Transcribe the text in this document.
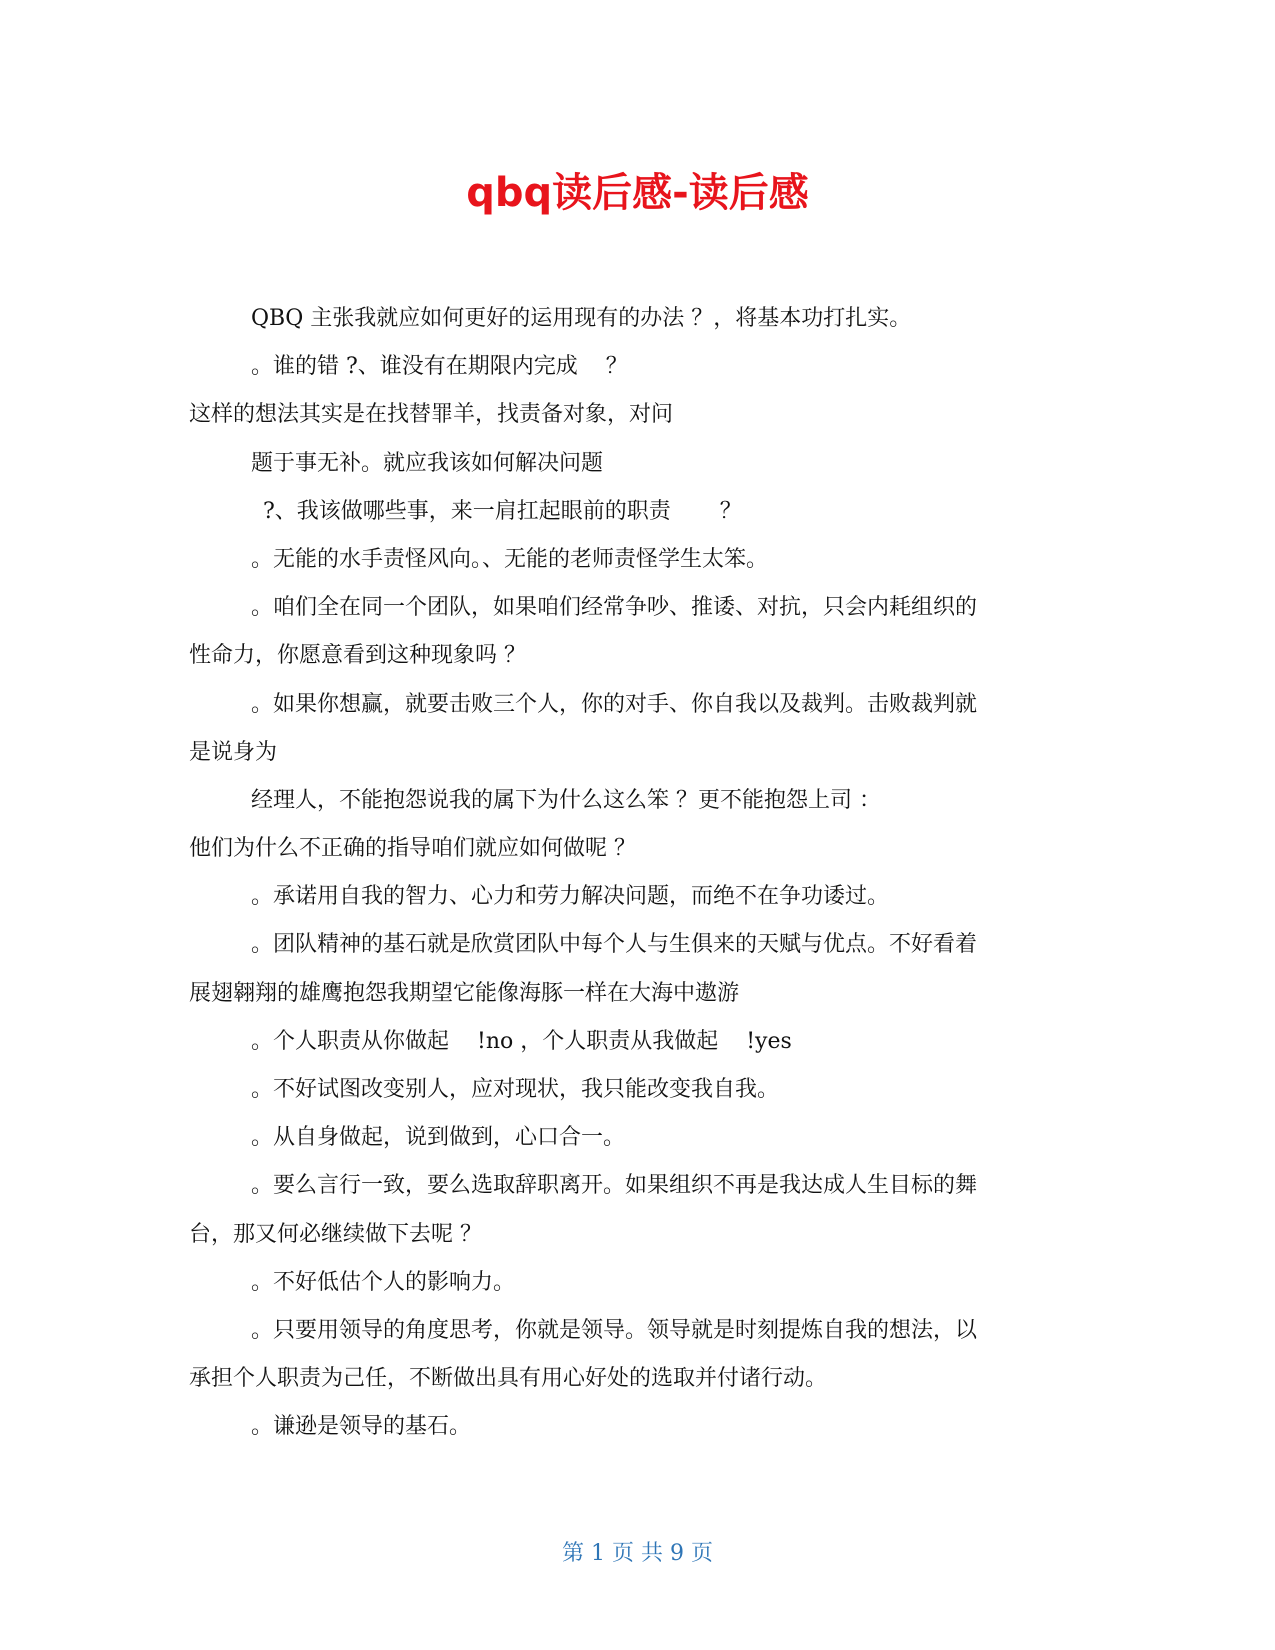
qbq读后感-读后感
QBQ 主张我就应如何更好的运用现有的办法 ？，将基本功打扎实。
。谁的错 ?、谁没有在期限内完成    ？
这样的想法其实是在找替罪羊，找责备对象，对问
题于事无补。就应我该如何解决问题
?、我该做哪些事，来一肩扛起眼前的职责       ？
。无能的水手责怪风向。、无能的老师责怪学生太笨。
。咱们全在同一个团队，如果咱们经常争吵、推诿、对抗，只会内耗组织的
性命力，你愿意看到这种现象吗 ？
。如果你想赢，就要击败三个人，你的对手、你自我以及裁判。击败裁判就
是说身为
经理人，不能抱怨说我的属下为什么这么笨 ？更不能抱怨上司 ：
他们为什么不正确的指导咱们就应如何做呢 ？
。承诺用自我的智力、心力和劳力解决问题，而绝不在争功诿过。
。团队精神的基石就是欣赏团队中每个人与生俱来的天赋与优点。不好看着
展翅翱翔的雄鹰抱怨我期望它能像海豚一样在大海中遨游
。个人职责从你做起    !no ，个人职责从我做起    !yes
。不好试图改变别人，应对现状，我只能改变我自我。
。从自身做起，说到做到，心口合一。
。要么言行一致，要么选取辞职离开。如果组织不再是我达成人生目标的舞
台，那又何必继续做下去呢 ？
。不好低估个人的影响力。
。只要用领导的角度思考，你就是领导。领导就是时刻提炼自我的想法，以
承担个人职责为己任，不断做出具有用心好处的选取并付诸行动。
。谦逊是领导的基石。
第 1 页 共 9 页
